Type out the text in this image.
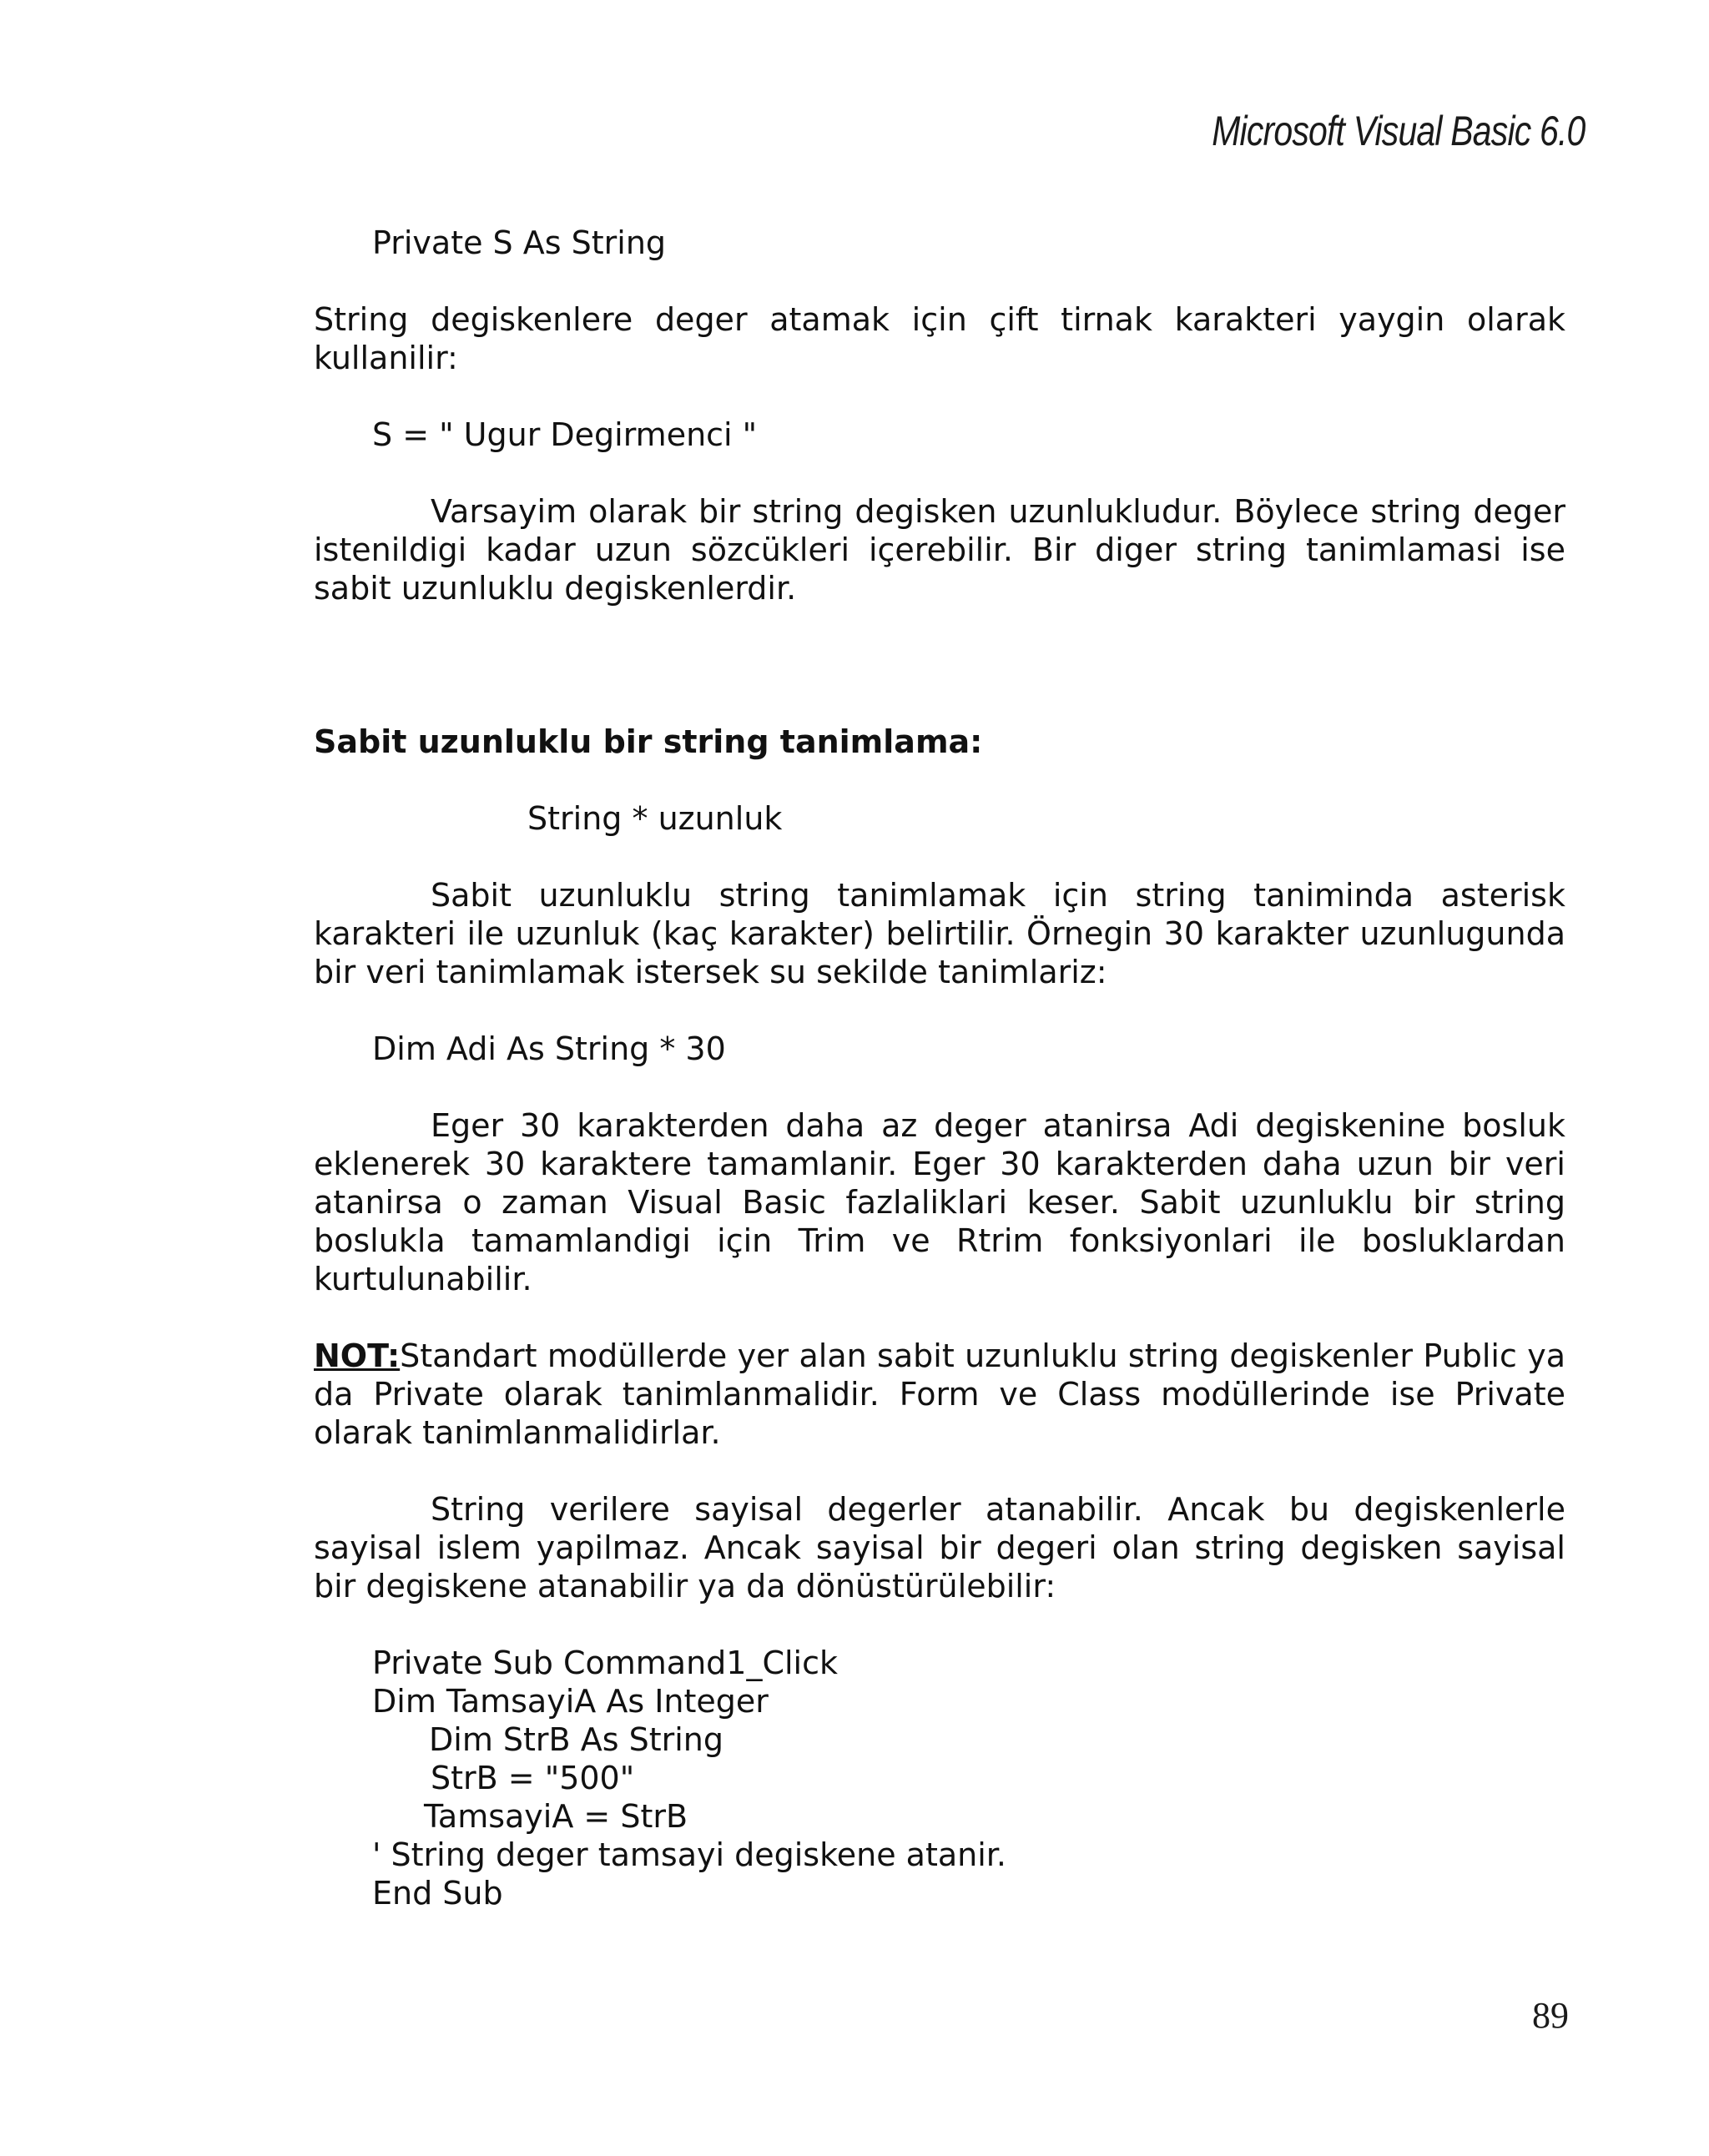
Microsoft Visual Basic 6.0
Private S As String
String degiskenlere deger atamak için çift tirnak karakteri yaygin olarak kullanilir:
S = " Ugur Degirmenci "
Varsayim olarak bir string degisken uzunlukludur. Böylece string deger istenildigi kadar uzun sözcükleri içerebilir. Bir diger string tanimlamasi ise sabit uzunluklu degiskenlerdir.
Sabit uzunluklu bir string tanimlama:
String * uzunluk
Sabit uzunluklu string tanimlamak için string taniminda asterisk karakteri ile uzunluk (kaç karakter) belirtilir. Örnegin 30 karakter uzunlugunda bir veri tanimlamak istersek su sekilde tanimlariz:
Dim Adi As String * 30
Eger 30 karakterden daha az deger atanirsa Adi degiskenine bosluk eklenerek 30 karaktere tamamlanir. Eger 30 karakterden daha uzun bir veri atanirsa o zaman Visual Basic fazlaliklari keser. Sabit uzunluklu bir string boslukla tamamlandigi için Trim ve Rtrim fonksiyonlari ile bosluklardan kurtulunabilir.
NOT:Standart modüllerde yer alan sabit uzunluklu string degiskenler Public ya da Private olarak tanimlanmalidir. Form ve Class modüllerinde ise Private olarak tanimlanmalidirlar.
String verilere sayisal degerler atanabilir. Ancak bu degiskenlerle sayisal islem yapilmaz. Ancak sayisal bir degeri olan string degisken sayisal bir degiskene atanabilir ya da dönüstürülebilir:
Private Sub Command1_Click
Dim TamsayiA As Integer
Dim StrB As String
StrB = "500"
TamsayiA = StrB
' String deger tamsayi degiskene atanir.
End Sub
89
